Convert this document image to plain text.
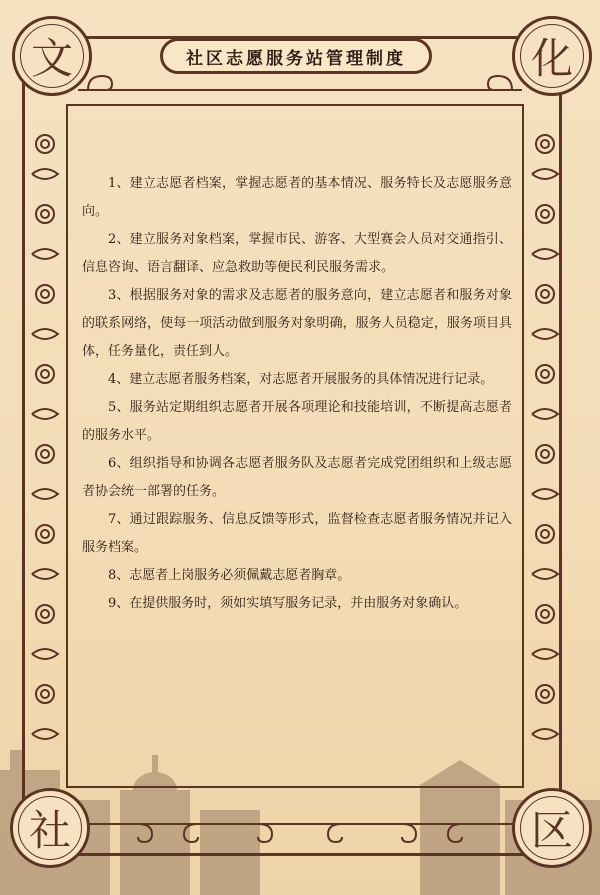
社区志愿服务站管理制度
文	化
社	区

1、建立志愿者档案，掌握志愿者的基本情况、服务特长及志愿服务意向。

2、建立服务对象档案，掌握市民、游客、大型赛会人员对交通指引、信息咨询、语言翻译、应急救助等便民利民服务需求。

3、根据服务对象的需求及志愿者的服务意向，建立志愿者和服务对象的联系网络，使每一项活动做到服务对象明确，服务人员稳定，服务项目具体，任务量化，责任到人。

4、建立志愿者服务档案，对志愿者开展服务的具体情况进行记录。

5、服务站定期组织志愿者开展各项理论和技能培训，不断提高志愿者的服务水平。

6、组织指导和协调各志愿者服务队及志愿者完成党团组织和上级志愿者协会统一部署的任务。

7、通过跟踪服务、信息反馈等形式，监督检查志愿者服务情况并记入服务档案。

8、志愿者上岗服务必须佩戴志愿者胸章。

9、在提供服务时，须如实填写服务记录，并由服务对象确认。
